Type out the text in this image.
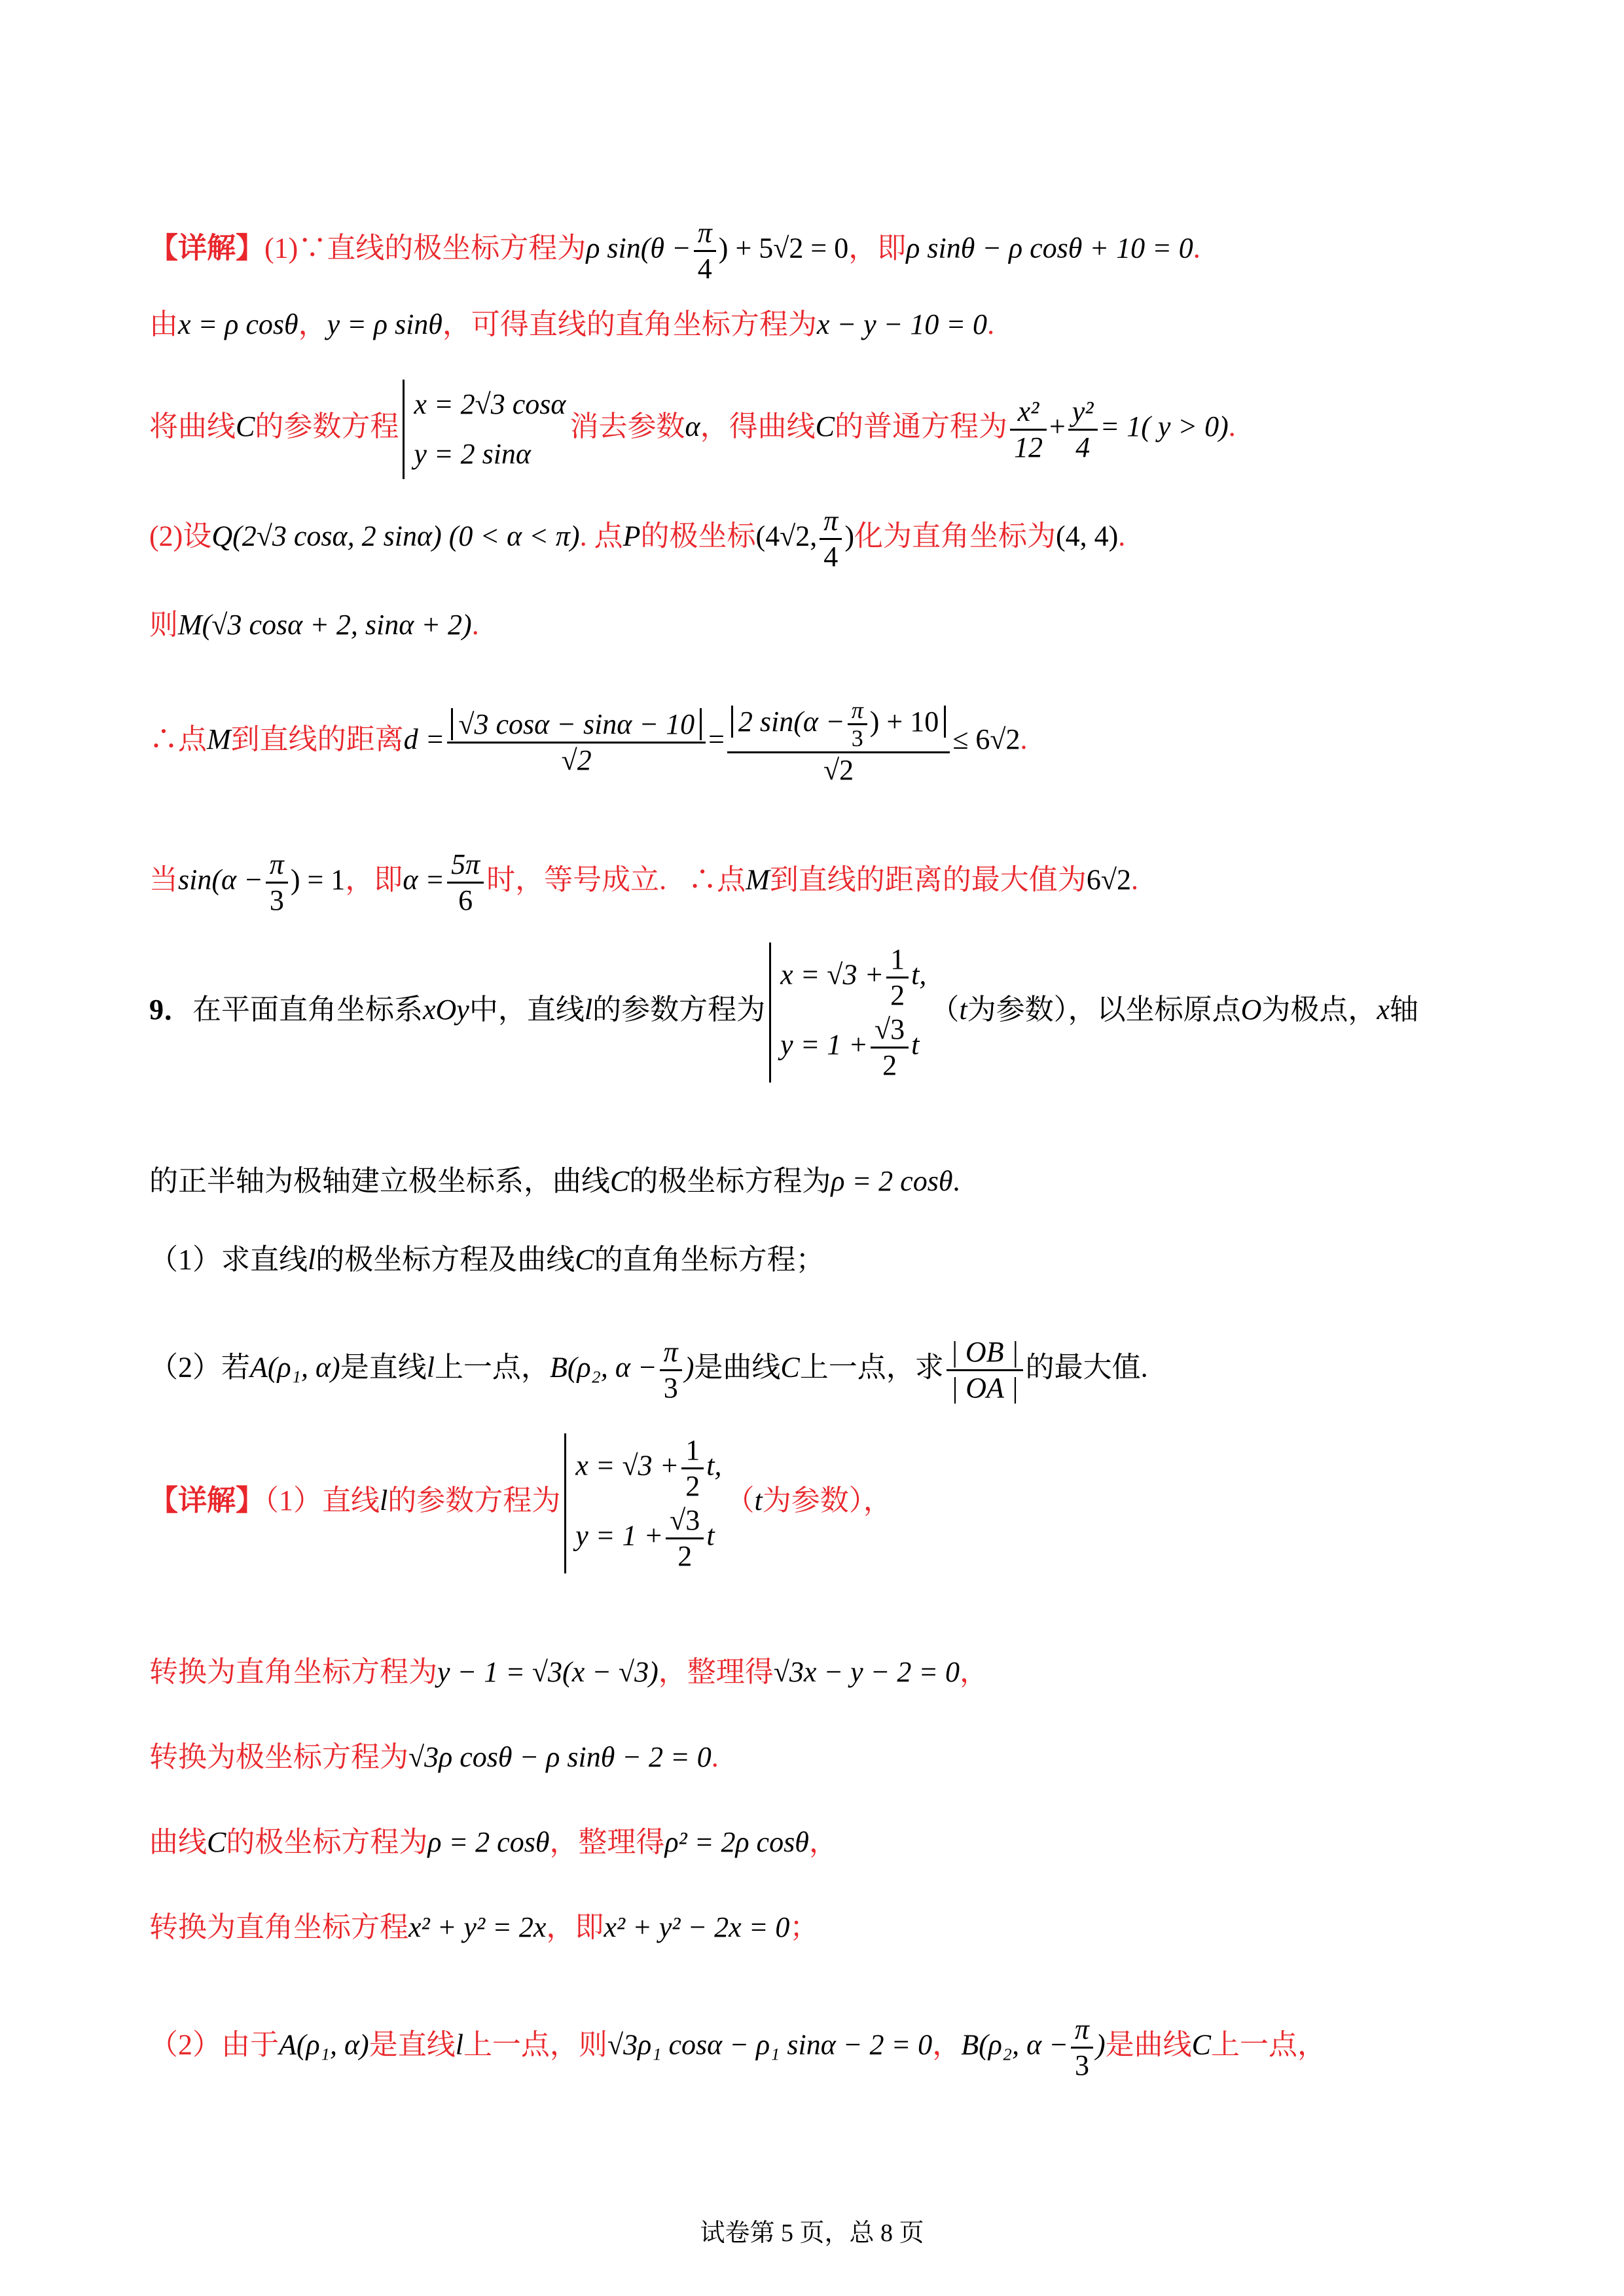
【详解】(1)∵直线的极坐标方程为ρ $\sin(\theta - \frac{\pi}{4}$ ) + 5√2 = 0，即ρ sinθ − ρ cosθ + 10 = 0.
由x = ρ cosθ，y = ρ sinθ，可得直线的直角坐标方程为x − y − 10 = 0.
将曲线C的参数方程
x = 2√3 cosα
y = 2 sinα
消去参数α，得曲线C的普通方程为 $\frac{\text{x²}}{12} + \frac{\text{y²}}{4} = 1$( y > 0).
(2)设Q(2√3 cosα, 2 sinα) (0 < α < π). 点P的极坐标(4√2, $\frac{\pi}{4}$ )化为直角坐标为(4, 4).
则M(√3 cosα + 2, sinα + 2).
∴点M到直线的距离$d = \frac{√3 \cos\alpha - \sin\alpha - 10}{√2} = \frac{2 \sin(\alpha - \frac{\pi}{3} ) + 10}{√2} \le 6√2$.
当$\sin(\alpha - \frac{\pi}{3}$ ) = 1，即$\alpha = \frac{5\pi}{6}$ 时，等号成立. ∴点M到直线的距离的最大值为6√2.
9．在平面直角坐标系xOy中，直线l的参数方程为
$x = √3 + \frac{1}{2} t$,
$y = 1 + \frac{√3}{2}$ t
（t为参数），以坐标原点O为极点，x轴
的正半轴为极轴建立极坐标系，曲线C的极坐标方程为ρ = 2 cosθ.
（1）求直线l的极坐标方程及曲线C的直角坐标方程；
（2）若A(ρ₁, α)是直线l上一点，B(ρ₂, $\alpha - \frac{\pi}{3}$ )是曲线C上一点，求 $\frac{| OB |}{| OA |}$ 的最大值.
【详解】（1）直线l的参数方程为
$x = √3 + \frac{1}{2} t$,
$y = 1 + \frac{√3}{2}$ t
（t为参数），
转换为直角坐标方程为y − 1 = √3(x − √3)，整理得√3x − y − 2 = 0，
转换为极坐标方程为√3ρ cosθ − ρ sinθ − 2 = 0.
曲线C的极坐标方程为ρ = 2 cosθ，整理得ρ² = 2ρ cosθ，
转换为直角坐标方程x² + y² = 2x，即x² + y² − 2x = 0；
（2）由于A(ρ₁, α)是直线l上一点，则√3ρ₁ cosα − ρ₁ sinα − 2 = 0，B(ρ₂, $\alpha - \frac{\pi}{3}$ )是曲线C上一点，
试卷第 5 页，总 8 页
